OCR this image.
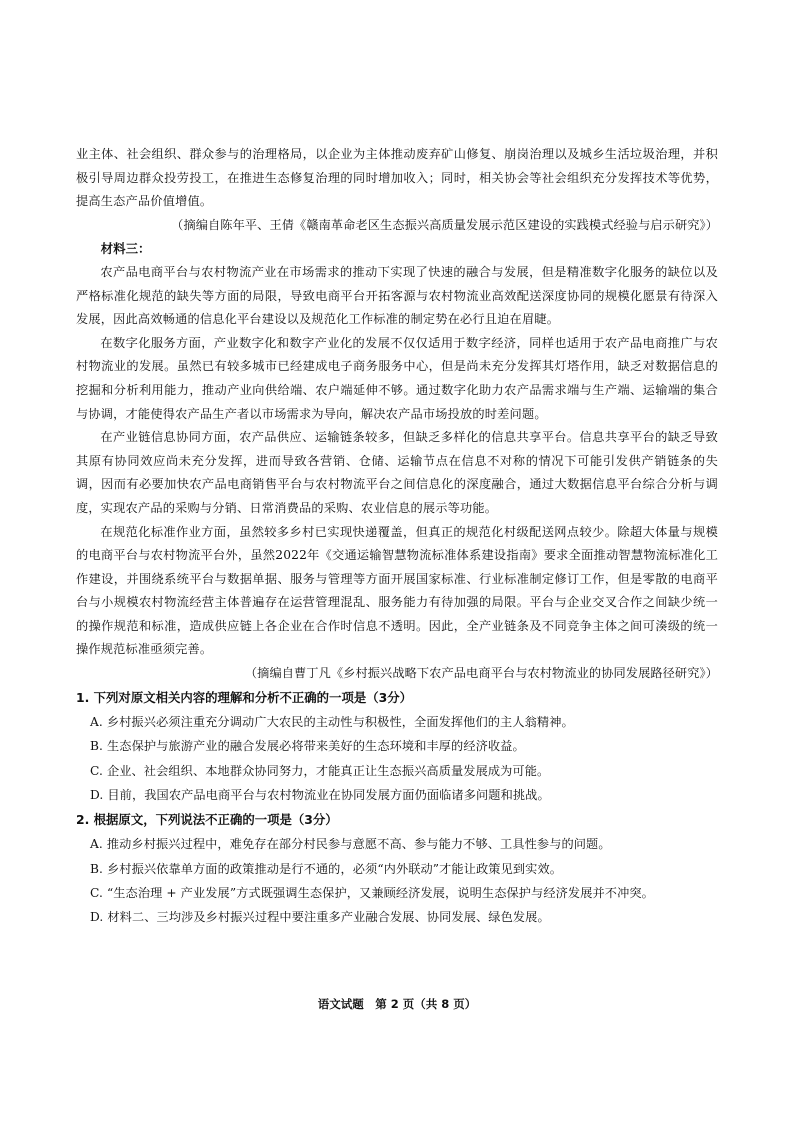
业主体、社会组织、群众参与的治理格局，以企业为主体推动废弃矿山修复、崩岗治理以及城乡生活垃圾治理，并积极引导周边群众投劳投工，在推进生态修复治理的同时增加收入；同时，相关协会等社会组织充分发挥技术等优势，提高生态产品价值增值。

（摘编自陈年平、王倩《赣南革命老区生态振兴高质量发展示范区建设的实践模式经验与启示研究》）

材料三：

农产品电商平台与农村物流产业在市场需求的推动下实现了快速的融合与发展，但是精准数字化服务的缺位以及严格标准化规范的缺失等方面的局限，导致电商平台开拓客源与农村物流业高效配送深度协同的规模化愿景有待深入发展，因此高效畅通的信息化平台建设以及规范化工作标准的制定势在必行且迫在眉睫。

在数字化服务方面，产业数字化和数字产业化的发展不仅仅适用于数字经济，同样也适用于农产品电商推广与农村物流业的发展。虽然已有较多城市已经建成电子商务服务中心，但是尚未充分发挥其灯塔作用，缺乏对数据信息的挖掘和分析利用能力，推动产业向供给端、农户端延伸不够。通过数字化助力农产品需求端与生产端、运输端的集合与协调，才能使得农产品生产者以市场需求为导向，解决农产品市场投放的时差问题。

在产业链信息协同方面，农产品供应、运输链条较多，但缺乏多样化的信息共享平台。信息共享平台的缺乏导致其原有协同效应尚未充分发挥，进而导致各营销、仓储、运输节点在信息不对称的情况下可能引发供产销链条的失调，因而有必要加快农产品电商销售平台与农村物流平台之间信息化的深度融合，通过大数据信息平台综合分析与调度，实现农产品的采购与分销、日常消费品的采购、农业信息的展示等功能。

在规范化标准作业方面，虽然较多乡村已实现快递覆盖，但真正的规范化村级配送网点较少。除超大体量与规模的电商平台与农村物流平台外，虽然2022年《交通运输智慧物流标准体系建设指南》要求全面推动智慧物流标准化工作建设，并围绕系统平台与数据单据、服务与管理等方面开展国家标准、行业标准制定修订工作，但是零散的电商平台与小规模农村物流经营主体普遍存在运营管理混乱、服务能力有待加强的局限。平台与企业交叉合作之间缺少统一的操作规范和标准，造成供应链上各企业在合作时信息不透明。因此，全产业链条及不同竞争主体之间可湊级的统一操作规范标准亟须完善。

（摘编自曹丁凡《乡村振兴战略下农产品电商平台与农村物流业的协同发展路径研究》）

1. 下列对原文相关内容的理解和分析不正确的一项是（3分）

A. 乡村振兴必须注重充分调动广大农民的主动性与积极性，全面发挥他们的主人翁精神。

B. 生态保护与旅游产业的融合发展必将带来美好的生态环境和丰厚的经济收益。

C. 企业、社会组织、本地群众协同努力，才能真正让生态振兴高质量发展成为可能。

D. 目前，我国农产品电商平台与农村物流业在协同发展方面仍面临诸多问题和挑战。

2. 根据原文，下列说法不正确的一项是（3分）

A. 推动乡村振兴过程中，难免存在部分村民参与意愿不高、参与能力不够、工具性参与的问题。

B. 乡村振兴依靠单方面的政策推动是行不通的，必须“内外联动”才能让政策见到实效。

C. “生态治理 + 产业发展”方式既强调生态保护，又兼顾经济发展，说明生态保护与经济发展并不冲突。

D. 材料二、三均涉及乡村振兴过程中要注重多产业融合发展、协同发展、绿色发展。

语文试题　第 2 页（共 8 页）
